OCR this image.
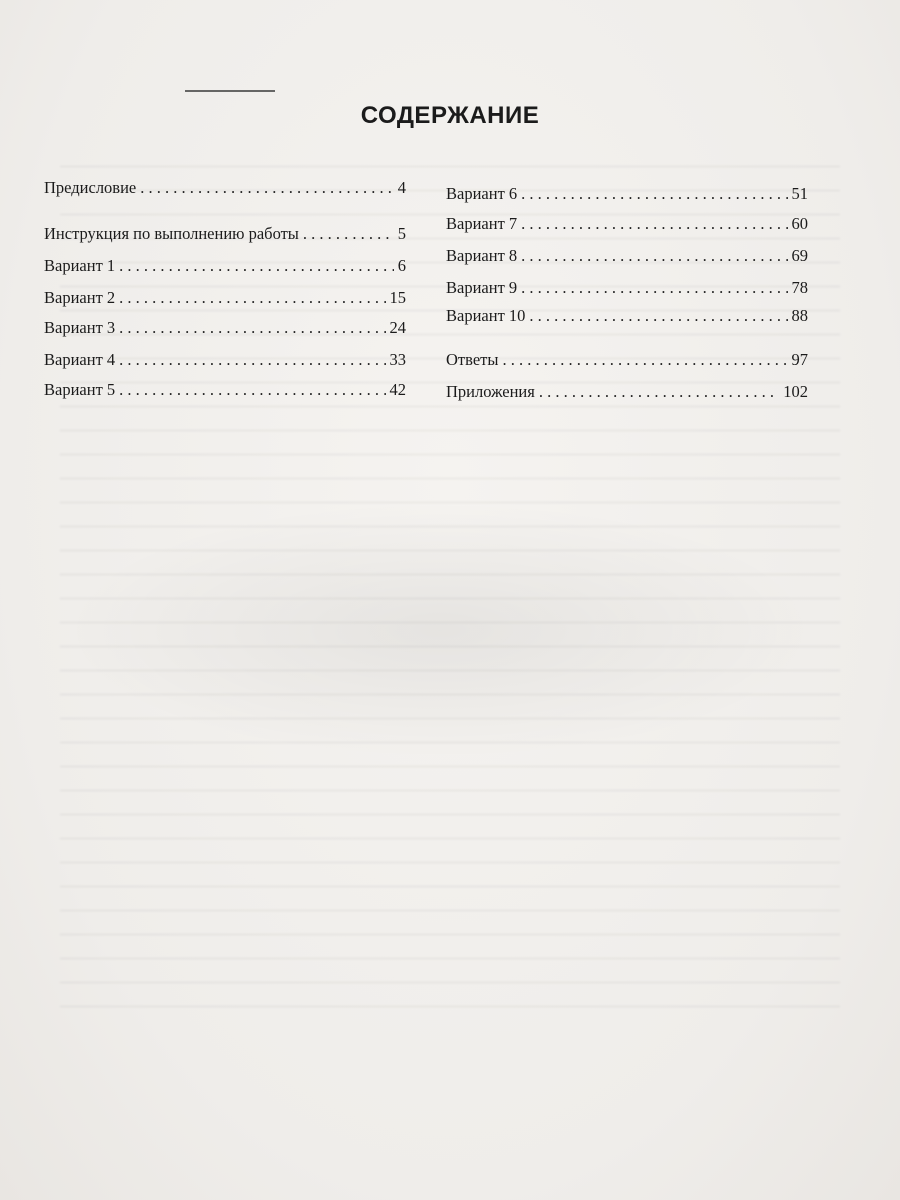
СОДЕРЖАНИЕ
Предисловие . . .	4
Инструкция по выполнению работы . . .	5
Вариант 1 . . .	6
Вариант 2 . . .	15
Вариант 3 . . .	24
Вариант 4 . . .	33
Вариант 5 . . .	42
Вариант 6 . . .	51
Вариант 7 . . .	60
Вариант 8 . . .	69
Вариант 9 . . .	78
Вариант 10 . . .	88
Ответы . . .	97
Приложения . . .	102
